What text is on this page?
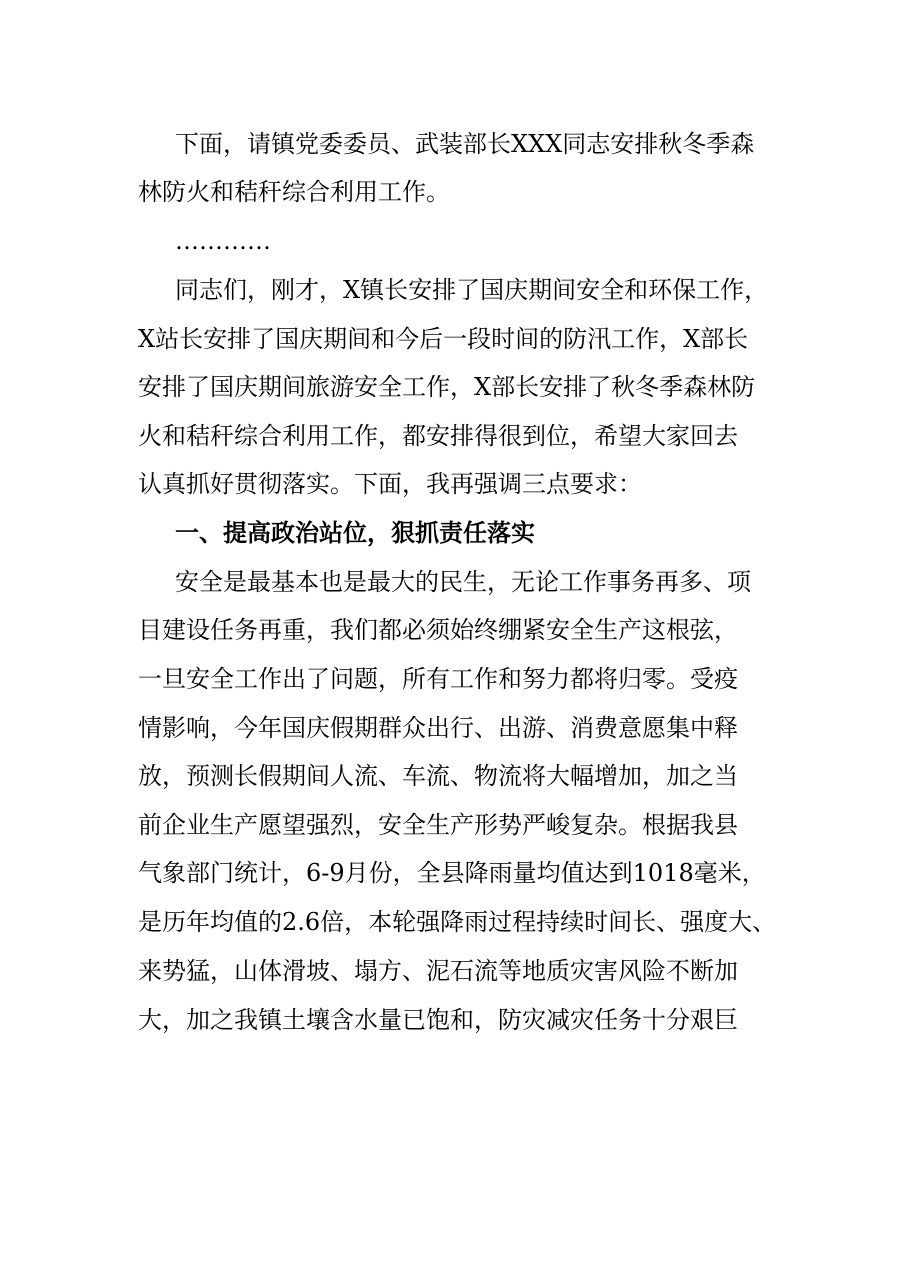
下面，请镇党委委员、武装部长XXX同志安排秋冬季森
林防火和秸秆综合利用工作。
…………
同志们，刚才，X镇长安排了国庆期间安全和环保工作，
X站长安排了国庆期间和今后一段时间的防汛工作，X部长
安排了国庆期间旅游安全工作，X部长安排了秋冬季森林防
火和秸秆综合利用工作，都安排得很到位，希望大家回去
认真抓好贯彻落实。下面，我再强调三点要求：
一、提高政治站位，狠抓责任落实
安全是最基本也是最大的民生，无论工作事务再多、项
目建设任务再重，我们都必须始终绷紧安全生产这根弦，
一旦安全工作出了问题，所有工作和努力都将归零。受疫
情影响，今年国庆假期群众出行、出游、消费意愿集中释
放，预测长假期间人流、车流、物流将大幅增加，加之当
前企业生产愿望强烈，安全生产形势严峻复杂。根据我县
气象部门统计，6-9月份，全县降雨量均值达到1018毫米，
是历年均值的2.6倍，本轮强降雨过程持续时间长、强度大、
来势猛，山体滑坡、塌方、泥石流等地质灾害风险不断加
大，加之我镇土壤含水量已饱和，防灾减灾任务十分艰巨
